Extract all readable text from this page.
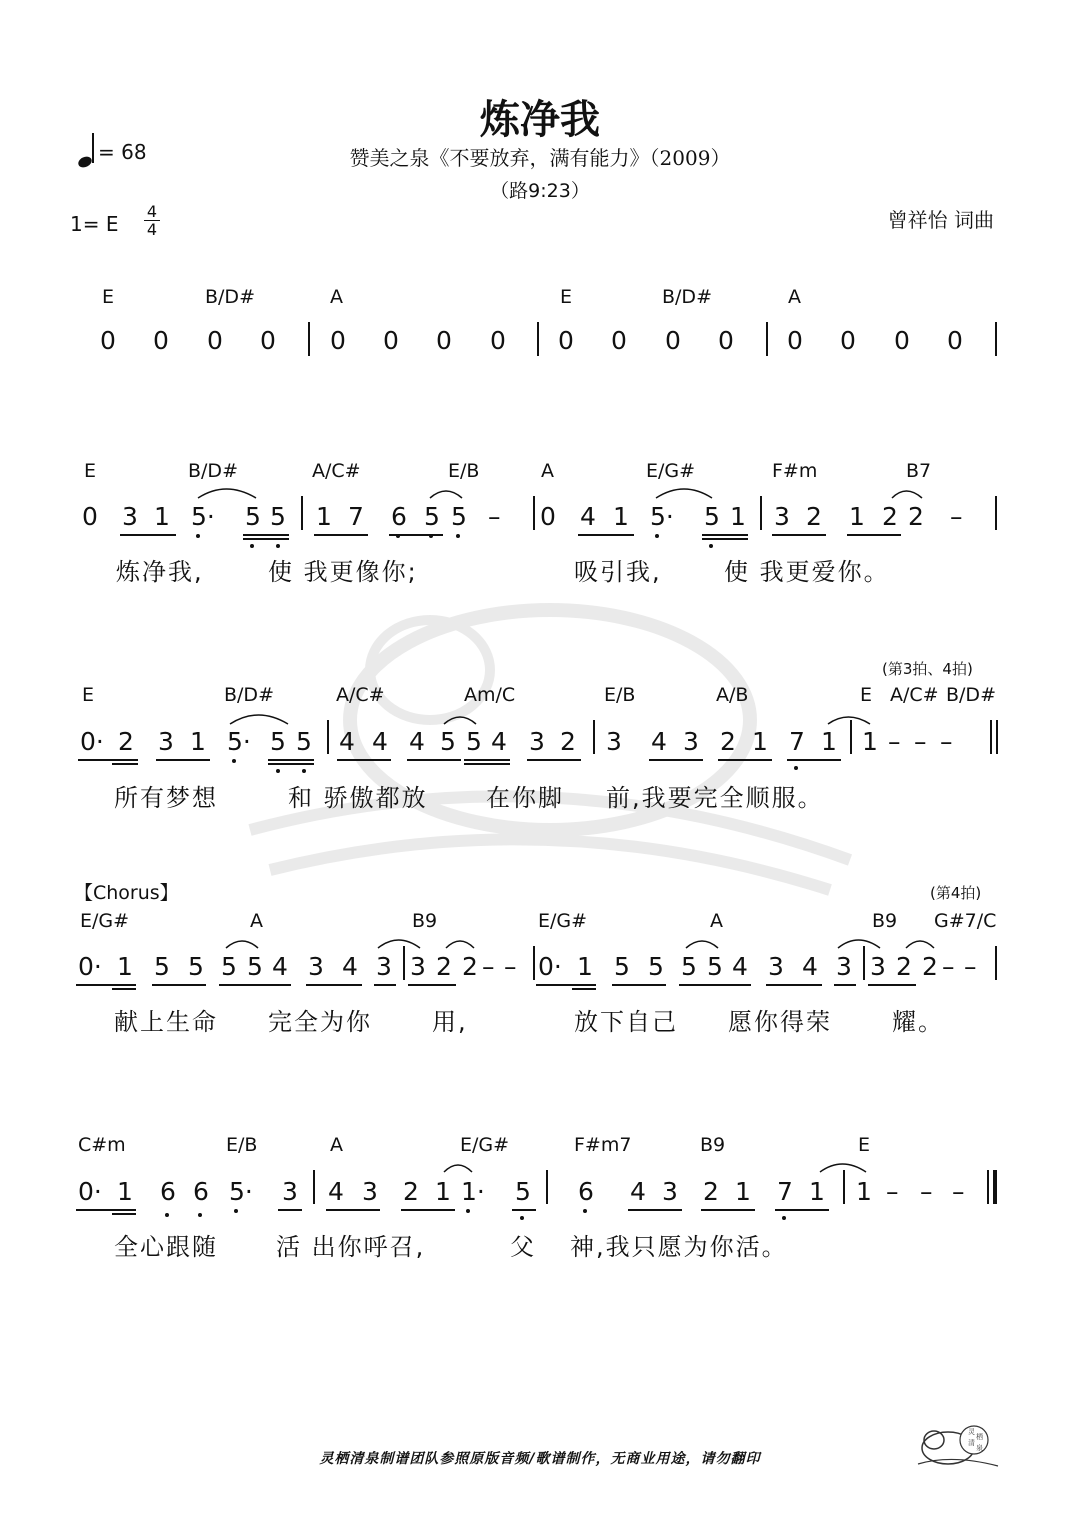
炼净我
赞美之泉《不要放弃，满有能力》（2009）
（路9:23）
曾祥怡 词曲
= 68
1= E
4
4
E	B/D#	A	E	B/D#	A
0 0 0 0 0 0 0 0 0 0 0 0 0 0 0 0
E	B/D#	A/C#	E/B	A	E/G#	F#m	B7
0 3 1 5· 5 5 1 7 6 5 5 – 0 4 1 5· 5 1 3 2 1 2 2 –
炼净我,	使 我更像你;	吸引我,	使 我更爱你。
(第3拍、4拍)
E	B/D#	A/C#	Am/C	E/B	A/B	E A/C# B/D#
0· 2 3 1 5· 5 5 4 4 4 5 5 4 3 2 3 4 3 2 1 7 1 1 – – –
所有梦想	和 骄傲都放 在你脚 前,我要完全顺服。
【Chorus】	(第4拍)
E/G#	A	B9	E/G#	A	B9 G#7/C
0· 1 5 5 5 5 4 3 4 3 3 2 2 – – 0· 1 5 5 5 5 4 3 4 3 3 2 2 – –
献上生命 完全为你	用,	放下自己 愿你得荣	耀。
C#m	E/B	A	E/G#	F#m7	B9	E
0· 1 6 6 5· 3 4 3 2 1 1· 5 6 4 3 2 1 7 1 1 – – –
全心跟随 活 出你呼召,	父 神,我只愿为你活。
灵栖清泉制谱团队参照原版音频/歌谱制作，无商业用途，请勿翻印
灵
栖
清
泉
